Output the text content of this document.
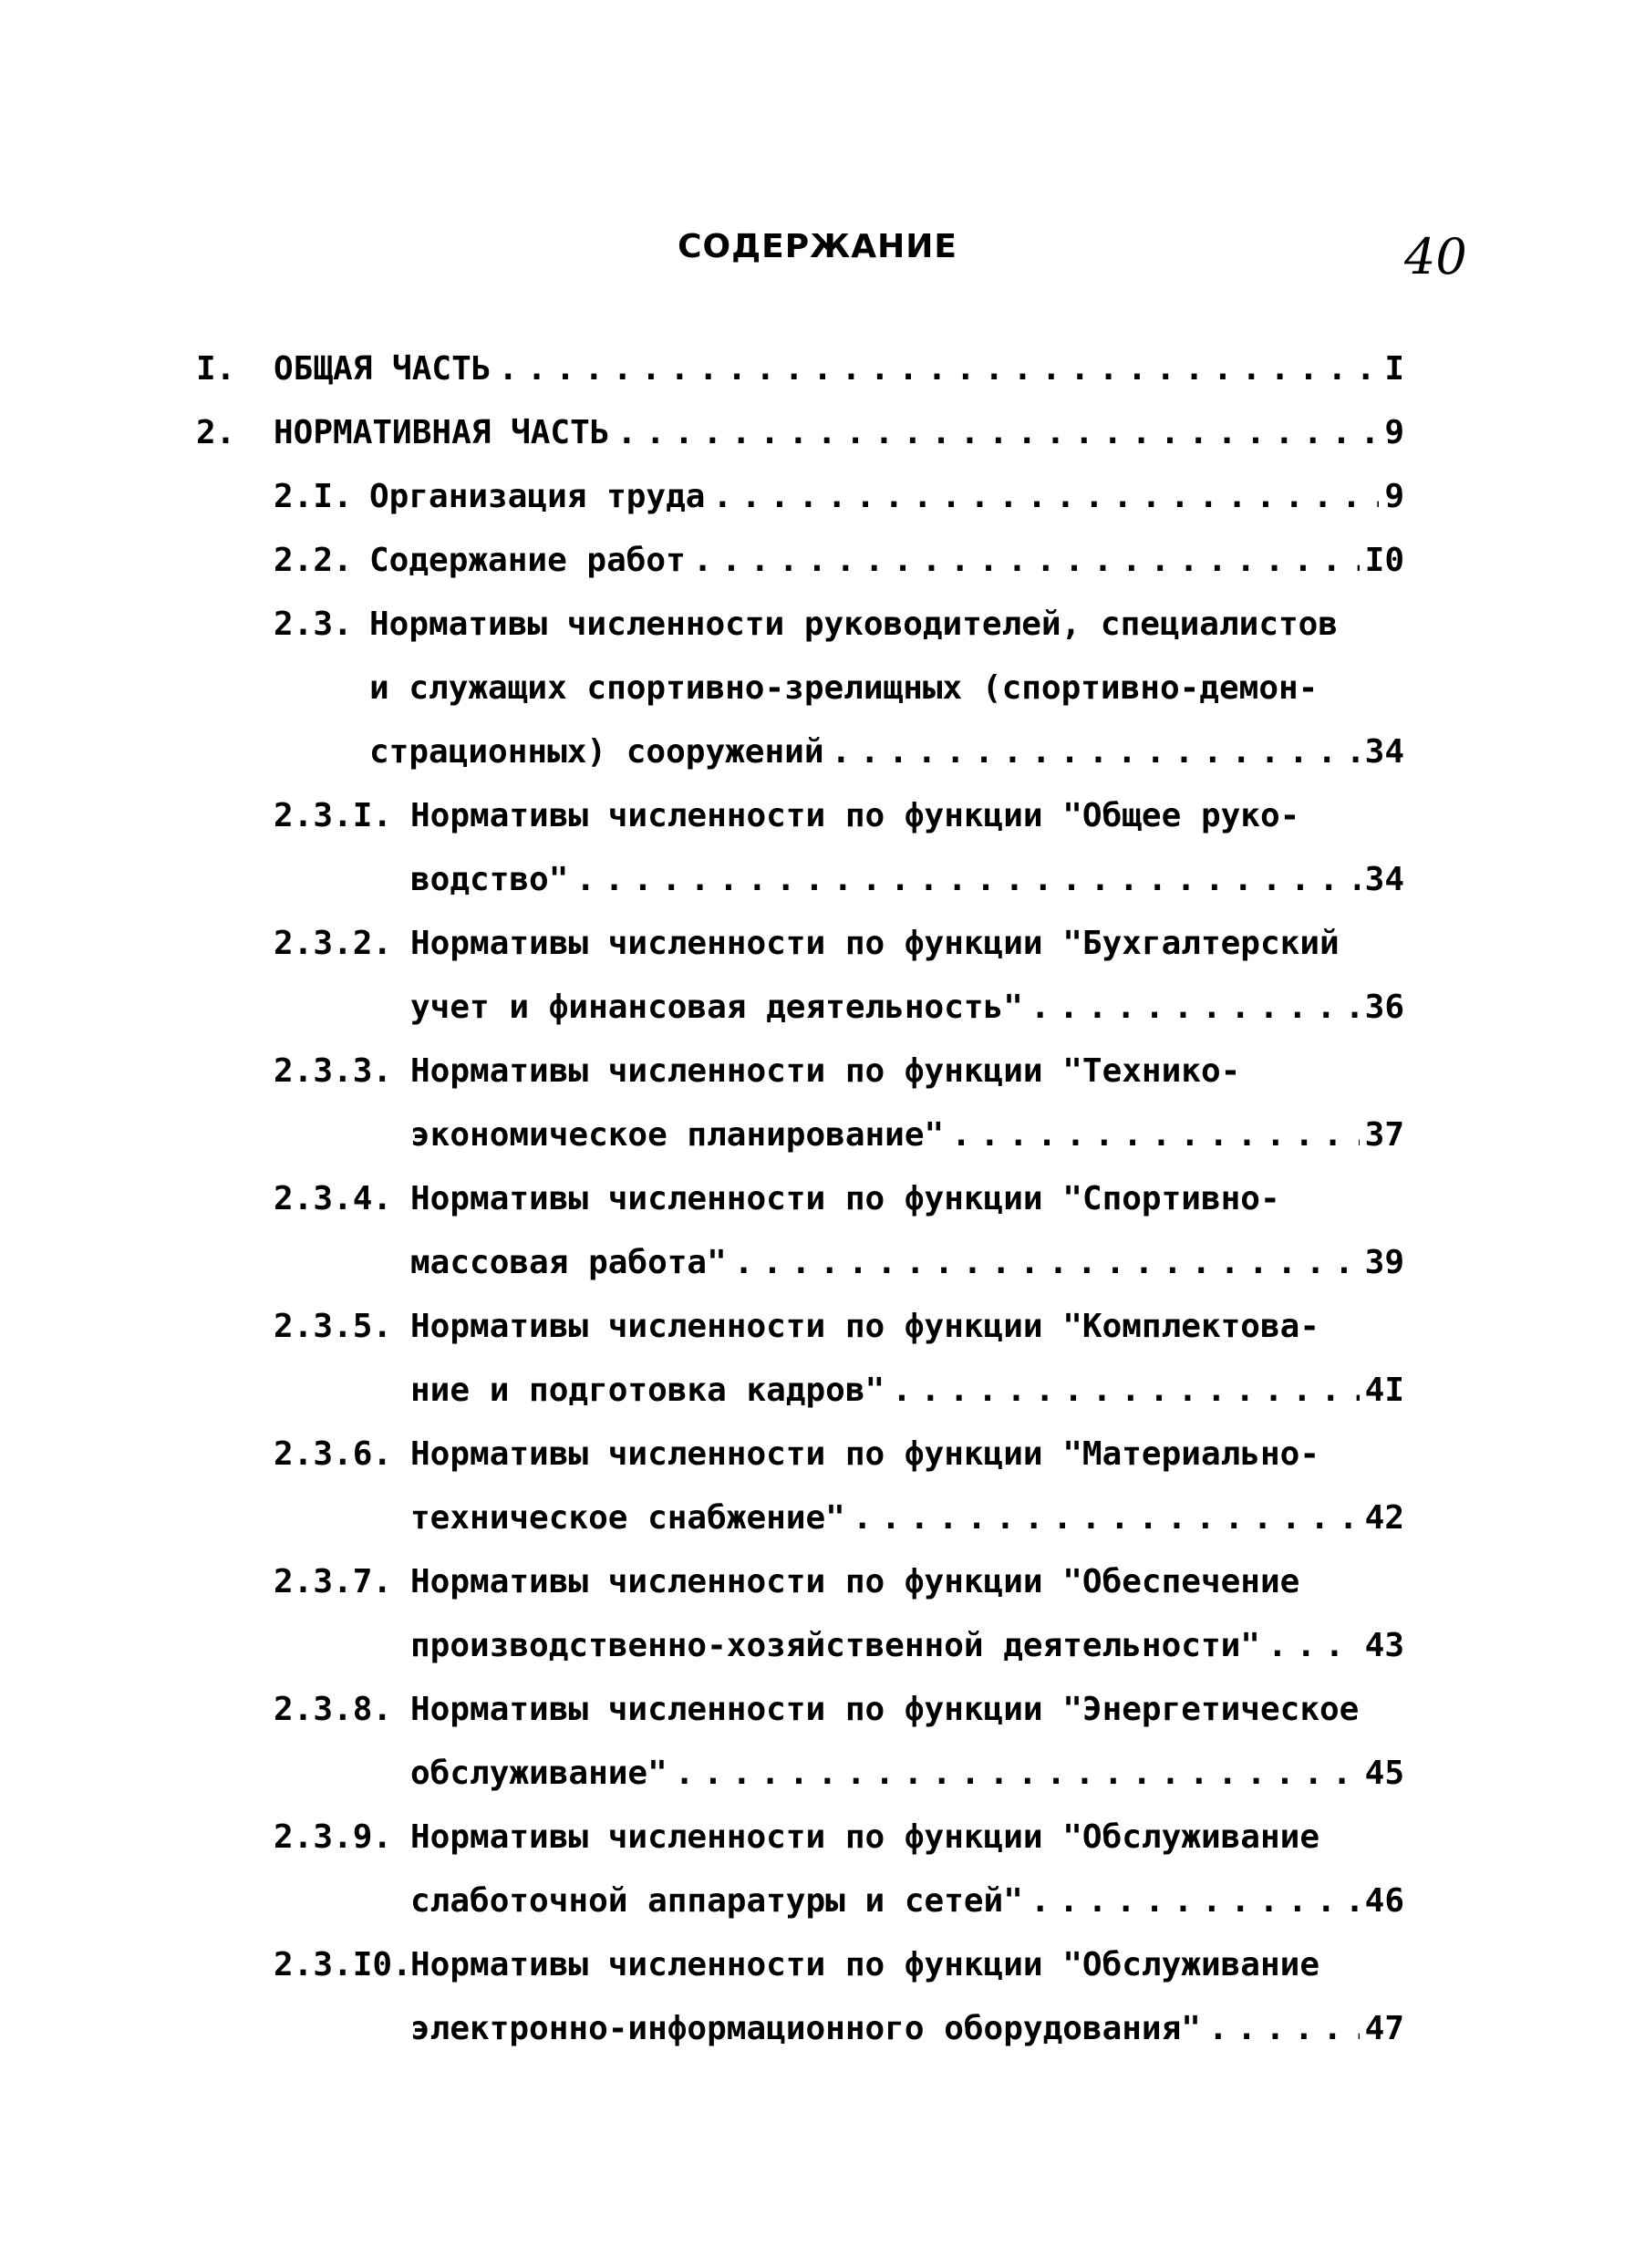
СОДЕРЖАНИЕ	40
I. ОБЩАЯ ЧАСТЬ . . .	I
2. НОРМАТИВНАЯ ЧАСТЬ . . .	9
2.I. Организация труда . . .	9
2.2. Содержание работ . . .	I0
2.3. Нормативы численности руководителей, специалистов
и служащих спортивно-зрелищных (спортивно-демон-
страционных) сооружений . . .	34
2.3.I. Нормативы численности по функции "Общее руко-
водство" . . .	34
2.3.2. Нормативы численности по функции "Бухгалтерский
учет и финансовая деятельность" . . .	36
2.3.3. Нормативы численности по функции "Технико-
экономическое планирование" . . .	37
2.3.4. Нормативы численности по функции "Спортивно-
массовая работа" . . .	39
2.3.5. Нормативы численности по функции "Комплектова-
ние и подготовка кадров" . . .	4I
2.3.6. Нормативы численности по функции "Материально-
техническое снабжение" . . .	42
2.3.7. Нормативы численности по функции "Обеспечение
производственно-хозяйственной деятельности" . . .	43
2.3.8. Нормативы численности по функции "Энергетическое
обслуживание" . . .	45
2.3.9. Нормативы численности по функции "Обслуживание
слаботочной аппаратуры и сетей" . . .	46
2.3.I0.
Нормативы численности по функции "Обслуживание
электронно-информационного оборудования" . . .	47
